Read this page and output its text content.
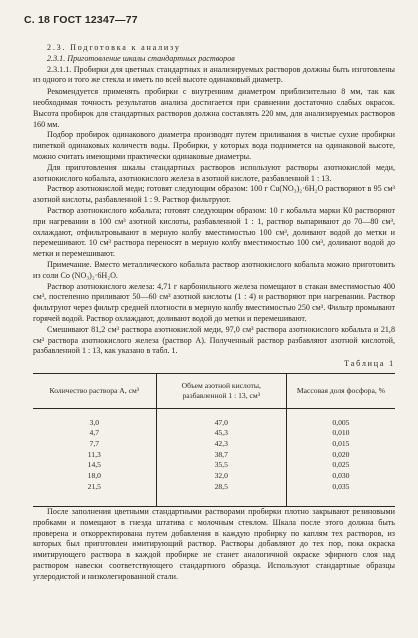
С. 18 ГОСТ 12347—77

2.3. Подготовка к анализу

2.3.1. Приготовление шкалы стандартных растворов

2.3.1.1. Пробирки для цветных стандартных и анализируемых растворов должны быть изготовлены из одного и того же стекла и иметь по всей высоте одинаковый диаметр.

Рекомендуется применять пробирки с внутренним диаметром приблизительно 8 мм, так как необходимая точность результатов анализа достигается при сравнении достаточно слабых окрасок. Высота пробирок для стандартных растворов должна составлять 220 мм, для анализируемых растворов 160 мм.

Подбор пробирок одинакового диаметра производят путем приливания в чистые сухие пробирки пипеткой одинаковых количеств воды. Пробирки, у которых вода поднимется на одинаковой высоте, можно считать имеющими практически одинаковые диаметры.

Для приготовления шкалы стандартных растворов используют растворы азотнокислой меди, азотнокислого кобальта, азотнокислого железа в азотной кислоте, разбавленной 1 : 13.

Раствор азотнокислой меди; готовят следующим образом: 100 г Cu(NO₃)₂·6H₂O растворяют в 95 см³ азотной кислоты, разбавленной 1 : 9. Раствор фильтруют.

Раствор азотнокислого кобальта; готовят следующим образом: 10 г кобальта марки К0 растворяют при нагревании в 100 см³ азотной кислоты, разбавленной 1 : 1, раствор выпаривают до 70—80 см³, охлаждают, отфильтровывают в мерную колбу вместимостью 100 см³, доливают водой до метки и перемешивают. 10 см³ раствора переносят в мерную колбу вместимостью 100 см³, доливают водой до метки и перемешивают.

Примечание. Вместо металлического кобальта раствор азотнокислого кобальта можно приготовить из соли Co (NO₃)₂·6H₂O.

Раствор азотнокислого железа: 4,71 г карбонильного железа помещают в стакан вместимостью 400 см³, постепенно приливают 50—60 см³ азотной кислоты (1 : 4) и растворяют при нагревании. Раствор фильтруют через фильтр средней плотности в мерную колбу вместимостью 250 см³. Фильтр промывают горячей водой. Раствор охлаждают, доливают водой до метки и перемешивают.

Смешивают 81,2 см³ раствора азотнокислой меди, 97,0 см³ раствора азотнокислого кобальта и 21,8 см³ раствора азотнокислого железа (раствор А). Полученный раствор разбавляют азотной кислотой, разбавленной 1 : 13, как указано в табл. 1.

Таблица 1
Количество раствора А, см³	Объем азотной кислоты, разбавленной 1 : 13, см³	Массовая доля фосфора, %
3,0	47,0	0,005
4,7	45,3	0,010
7,7	42,3	0,015
11,3	38,7	0,020
14,5	35,5	0,025
18,0	32,0	0,030
21,5	28,5	0,035

После заполнения цветными стандартными растворами пробирки плотно закрывают резиновыми пробками и помещают в гнезда штатива с молочным стеклом. Шкала после этого должна быть проверена и откорректирована путем добавления в каждую пробирку по каплям тех растворов, из которых был приготовлен имитирующий раствор. Растворы добавляют до тех пор, пока окраска имитирующего раствора в каждой пробирке не станет аналогичной окраске эфирного слоя над раствором навески соответствующего стандартного образца. Используют стандартные образцы углеродистой и низколегированной стали.
